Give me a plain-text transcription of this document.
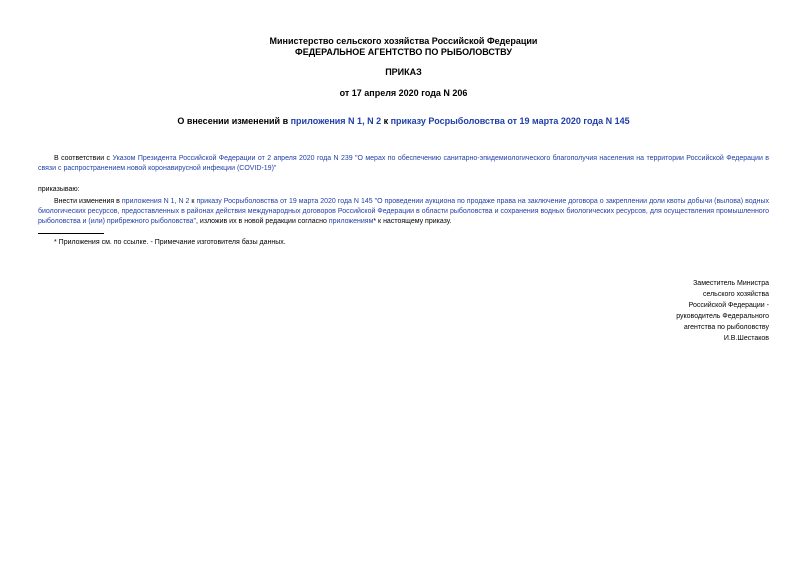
Министерство сельского хозяйства Российской Федерации
ФЕДЕРАЛЬНОЕ АГЕНТСТВО ПО РЫБОЛОВСТВУ
ПРИКАЗ
от 17 апреля 2020 года N 206
О внесении изменений в приложения N 1, N 2 к приказу Росрыболовства от 19 марта 2020 года N 145
В соответствии с Указом Президента Российской Федерации от 2 апреля 2020 года N 239 "О мерах по обеспечению санитарно-эпидемиологического благополучия населения на территории Российской Федерации в связи с распространением новой коронавирусной инфекции (COVID-19)"
приказываю:
Внести изменения в приложения N 1, N 2 к приказу Росрыболовства от 19 марта 2020 года N 145 "О проведении аукциона по продаже права на заключение договора о закреплении доли квоты добычи (вылова) водных биологических ресурсов, предоставленных в районах действия международных договоров Российской Федерации в области рыболовства и сохранения водных биологических ресурсов, для осуществления промышленного рыболовства и (или) прибрежного рыболовства", изложив их в новой редакции согласно приложениям* к настоящему приказу.
* Приложения см. по ссылке. - Примечание изготовителя базы данных.
Заместитель Министра
сельского хозяйства
Российской Федерации -
руководитель Федерального
агентства по рыболовству
И.В.Шестаков
